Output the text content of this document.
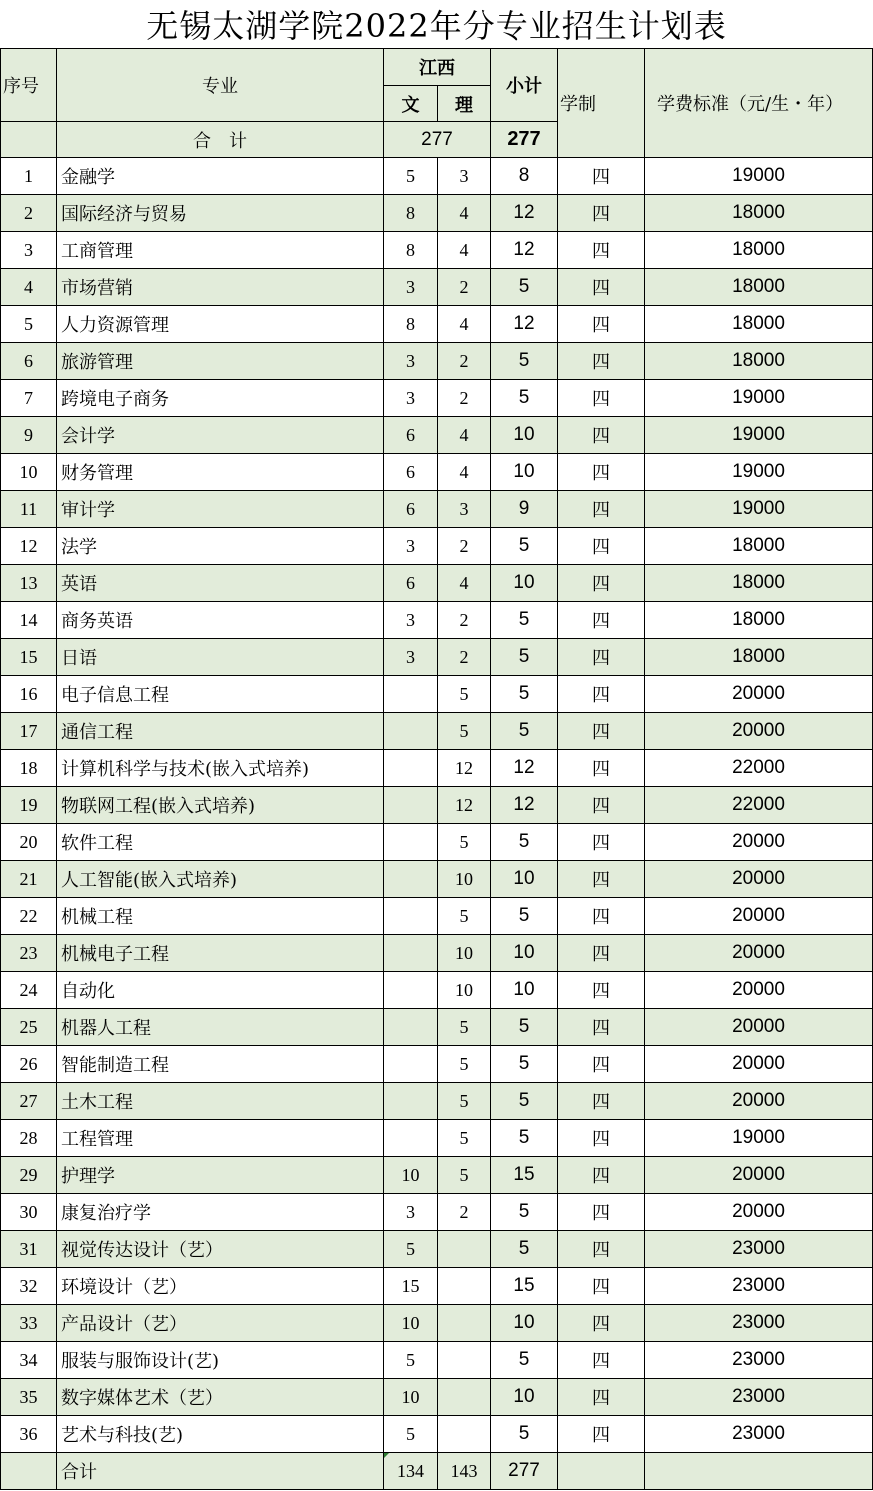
无锡太湖学院2022年分专业招生计划表
序号	专业	江西		小计	学制	学费标准（元/生・年）
		文	理			
	合　计	277		277		
1	金融学	5	3	8	四	19000
2	国际经济与贸易	8	4	12	四	18000
3	工商管理	8	4	12	四	18000
4	市场营销	3	2	5	四	18000
5	人力资源管理	8	4	12	四	18000
6	旅游管理	3	2	5	四	18000
7	跨境电子商务	3	2	5	四	19000
9	会计学	6	4	10	四	19000
10	财务管理	6	4	10	四	19000
11	审计学	6	3	9	四	19000
12	法学	3	2	5	四	18000
13	英语	6	4	10	四	18000
14	商务英语	3	2	5	四	18000
15	日语	3	2	5	四	18000
16	电子信息工程		5	5	四	20000
17	通信工程		5	5	四	20000
18	计算机科学与技术(嵌入式培养)		12	12	四	22000
19	物联网工程(嵌入式培养)		12	12	四	22000
20	软件工程		5	5	四	20000
21	人工智能(嵌入式培养)		10	10	四	20000
22	机械工程		5	5	四	20000
23	机械电子工程		10	10	四	20000
24	自动化		10	10	四	20000
25	机器人工程		5	5	四	20000
26	智能制造工程		5	5	四	20000
27	土木工程		5	5	四	20000
28	工程管理		5	5	四	19000
29	护理学	10	5	15	四	20000
30	康复治疗学	3	2	5	四	20000
31	视觉传达设计（艺）	5		5	四	23000
32	环境设计（艺）	15		15	四	23000
33	产品设计（艺）	10		10	四	23000
34	服装与服饰设计(艺)	5		5	四	23000
35	数字媒体艺术（艺）	10		10	四	23000
36	艺术与科技(艺)	5		5	四	23000
	合计	134	143	277		
